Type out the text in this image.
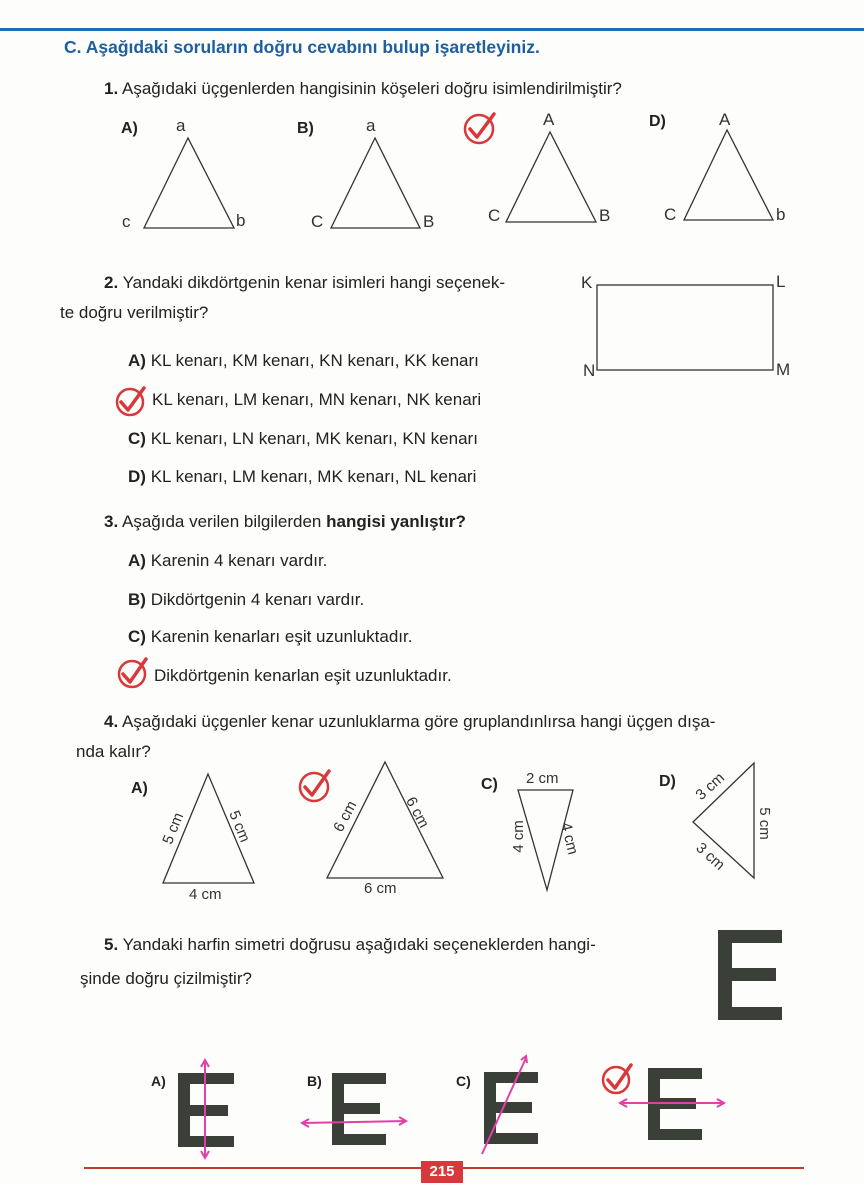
C. Aşağıdaki soruların doğru cevabını bulup işaretleyiniz.
1. Aşağıdaki üçgenlerden hangisinin köşeleri doğru isimlendirilmiştir?
A) a
c	b
B)	a
C	B
A
C	B
D)	A
C	b
2. Yandaki dikdörtgenin kenar isimleri hangi seçenek-
te doğru verilmiştir?
K	L
N	M
A) KL kenarı, KM kenarı, KN kenarı, KK kenarı
KL kenarı, LM kenarı, MN kenarı, NK kenari
C) KL kenarı, LN kenarı, MK kenarı, KN kenarı
D) KL kenarı, LM kenarı, MK kenarı, NL kenari
3. Aşağıda verilen bilgilerden hangisi yanlıştır?
A) Karenin 4 kenarı vardır.
B) Dikdörtgenin 4 kenarı vardır.
C) Karenin kenarları eşit uzunluktadır.
Dikdörtgenin kenarlan eşit uzunluktadır.
4. Aşağıdaki üçgenler kenar uzunluklarma göre gruplandınlırsa hangi üçgen dışa-
nda kalır?
A)
5 cm	5 cm
4 cm
6 cm	6 cm
6 cm
C) 2 cm
4 cm 4 cm
D) 3 cm
3 cm
5 cm
5. Yandaki harfin simetri doğrusu aşağıdaki seçeneklerden hangi-
şinde doğru çizilmiştir?
A)	B)	C)
215
